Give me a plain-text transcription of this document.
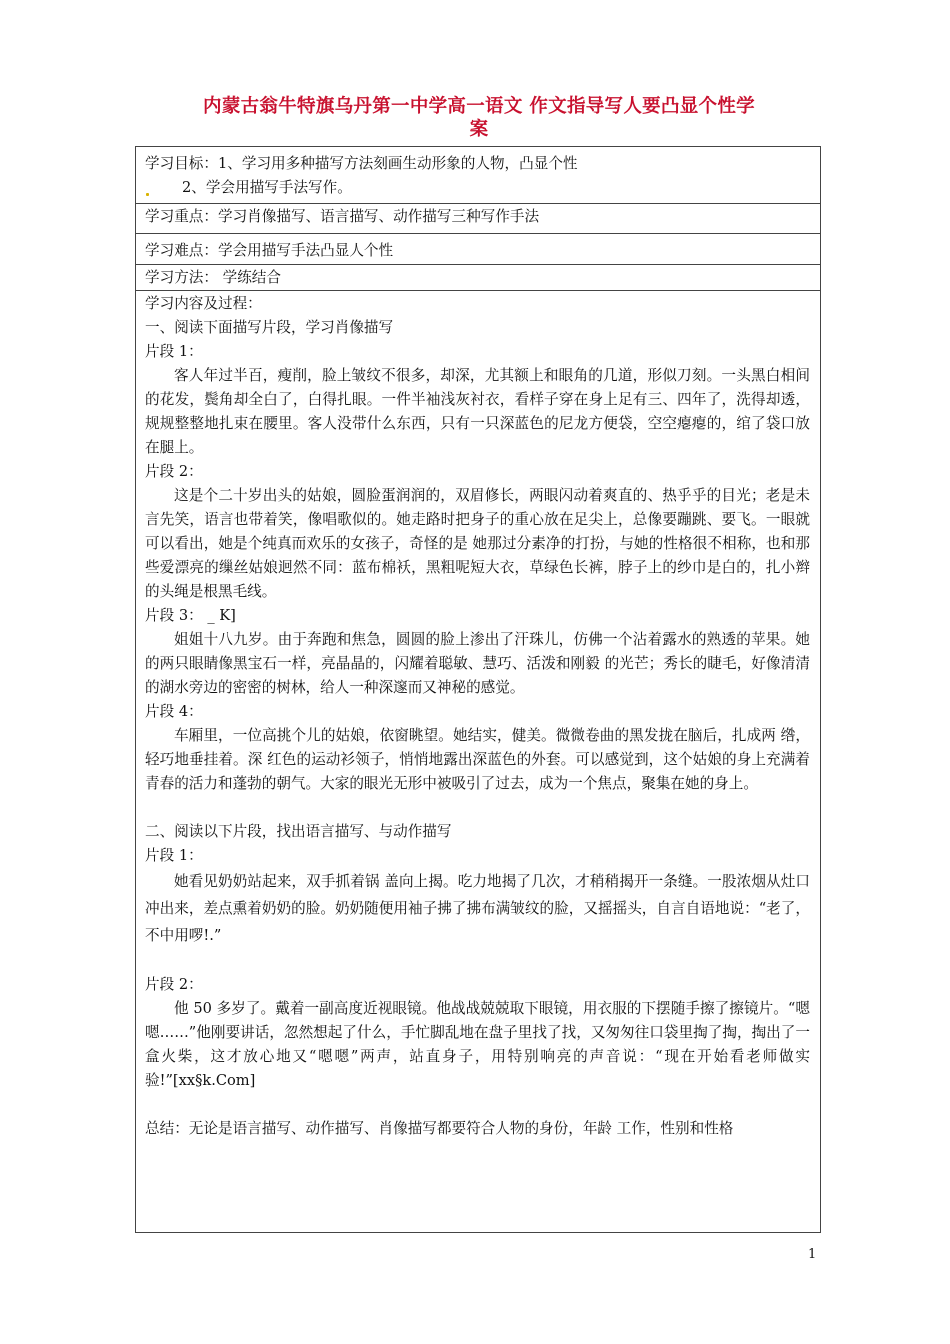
内蒙古翁牛特旗乌丹第一中学高一语文 作文指导写人要凸显个性学
案
学习目标：1、学习用多种描写方法刻画生动形象的人物，凸显个性
2、学会用描写手法写作。
学习重点：学习肖像描写、语言描写、动作描写三种写作手法
学习难点：学会用描写手法凸显人个性
学习方法： 学练结合

学习内容及过程：

一、阅读下面描写片段，学习肖像描写

片段 1：

客人年过半百，瘦削，脸上皱纹不很多，却深，尤其额上和眼角的几道，形似刀刻。一头黑白相间的花发，鬓角却全白了，白得扎眼。一件半袖浅灰衬衣，看样子穿在身上足有三、四年了，洗得却透，规规整整地扎束在腰里。客人没带什么东西，只有一只深蓝色的尼龙方便袋，空空瘪瘪的，绾了袋口放在腿上。

片段 2：

这是个二十岁出头的姑娘，圆脸蛋润润的，双眉修长，两眼闪动着爽直的、热乎乎的目光；老是未言先笑，语言也带着笑，像唱歌似的。她走路时把身子的重心放在足尖上，总像要蹦跳、要飞。一眼就可以看出，她是个纯真而欢乐的女孩子，奇怪的是 她那过分素净的打扮，与她的性格很不相称，也和那些爱漂亮的缫丝姑娘迥然不同：蓝布棉袄，黑粗呢短大衣，草绿色长裤，脖子上的纱巾是白的，扎小辫的头绳是根黑毛线。

片段 3： _ K]

姐姐十八九岁。由于奔跑和焦急，圆圆的脸上渗出了汗珠儿，仿佛一个沾着露水的熟透的苹果。她的两只眼睛像黑宝石一样，亮晶晶的，闪耀着聪敏、慧巧、活泼和刚毅 的光芒；秀长的睫毛，好像清清的湖水旁边的密密的树林，给人一种深邃而又神秘的感觉。

片段 4：

车厢里，一位高挑个儿的姑娘，依窗眺望。她结实，健美。微微卷曲的黑发拢在脑后，扎成两 绺，轻巧地垂挂着。深 红色的运动衫领子，悄悄地露出深蓝色的外套。可以感觉到，这个姑娘的身上充满着青春的活力和蓬勃的朝气。大家的眼光无形中被吸引了过去，成为一个焦点，聚集在她的身上。

二、阅读以下片段，找出语言描写、与动作描写

片段 1：

她看见奶奶站起来，双手抓着锅 盖向上揭。吃力地揭了几次，才稍稍揭开一条缝。一股浓烟从灶口冲出来，差点熏着奶奶的脸。奶奶随便用袖子拂了拂布满皱纹的脸，又摇摇头，自言自语地说：“老了，不中用啰!.”

片段 2：

他 50 多岁了。戴着一副高度近视眼镜。他战战兢兢取下眼镜，用衣服的下摆随手擦了擦镜片。“嗯嗯……”他刚要讲话，忽然想起了什么，手忙脚乱地在盘子里找了找，又匆匆往口袋里掏了掏，掏出了一盒火柴，这才放心地又“嗯嗯”两声，站直身子，用特别响亮的声音说：“现在开始看老师做实验!”[xx§k.Com]

总结：无论是语言描写、动作描写、肖像描写都要符合人物的身份，年龄 工作，性别和性格

1
